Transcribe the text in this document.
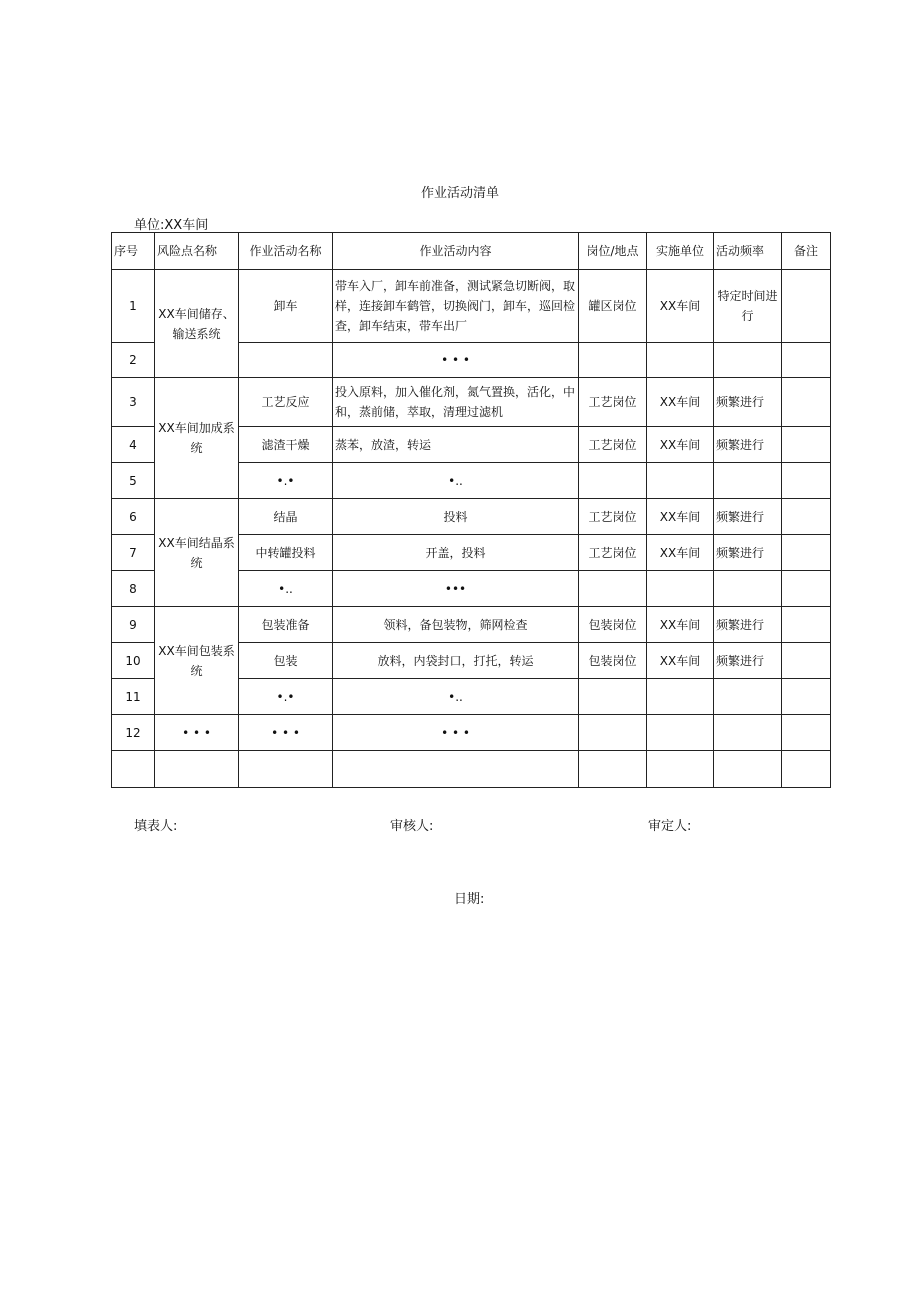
作业活动清单
单位:XX车间
序号	风险点名称	作业活动名称	作业活动内容	岗位/地点	实施单位	活动频率	备注
1	XX车间储存、输送系统	卸车	带车入厂，卸车前准备，测试紧急切断阀，取样，连接卸车鹤管，切换阀门，卸车，巡回检查，卸车结束，带车出厂	罐区岗位	XX车间	特定时间进行	
2			• • •				
3	XX车间加成系统	工艺反应	投入原料，加入催化剂，氮气置换，活化，中和，蒸前储，萃取，清理过滤机	工艺岗位	XX车间	频繁进行	
4		滤渣干燥	蒸苯，放渣，转运	工艺岗位	XX车间	频繁进行	
5		•.•	•..				
6	XX车间结晶系统	结晶	投料	工艺岗位	XX车间	频繁进行	
7		中转罐投料	开盖，投料	工艺岗位	XX车间	频繁进行	
8		•..	•••				
9	XX车间包装系统	包装准备	领料，备包装物，筛网检查	包装岗位	XX车间	频繁进行	
10		包装	放料，内袋封口，打托，转运	包装岗位	XX车间	频繁进行	
11		•.•	•..				
12	• • •	• • •	• • •				

填表人:	审核人:	审定人:
日期:
